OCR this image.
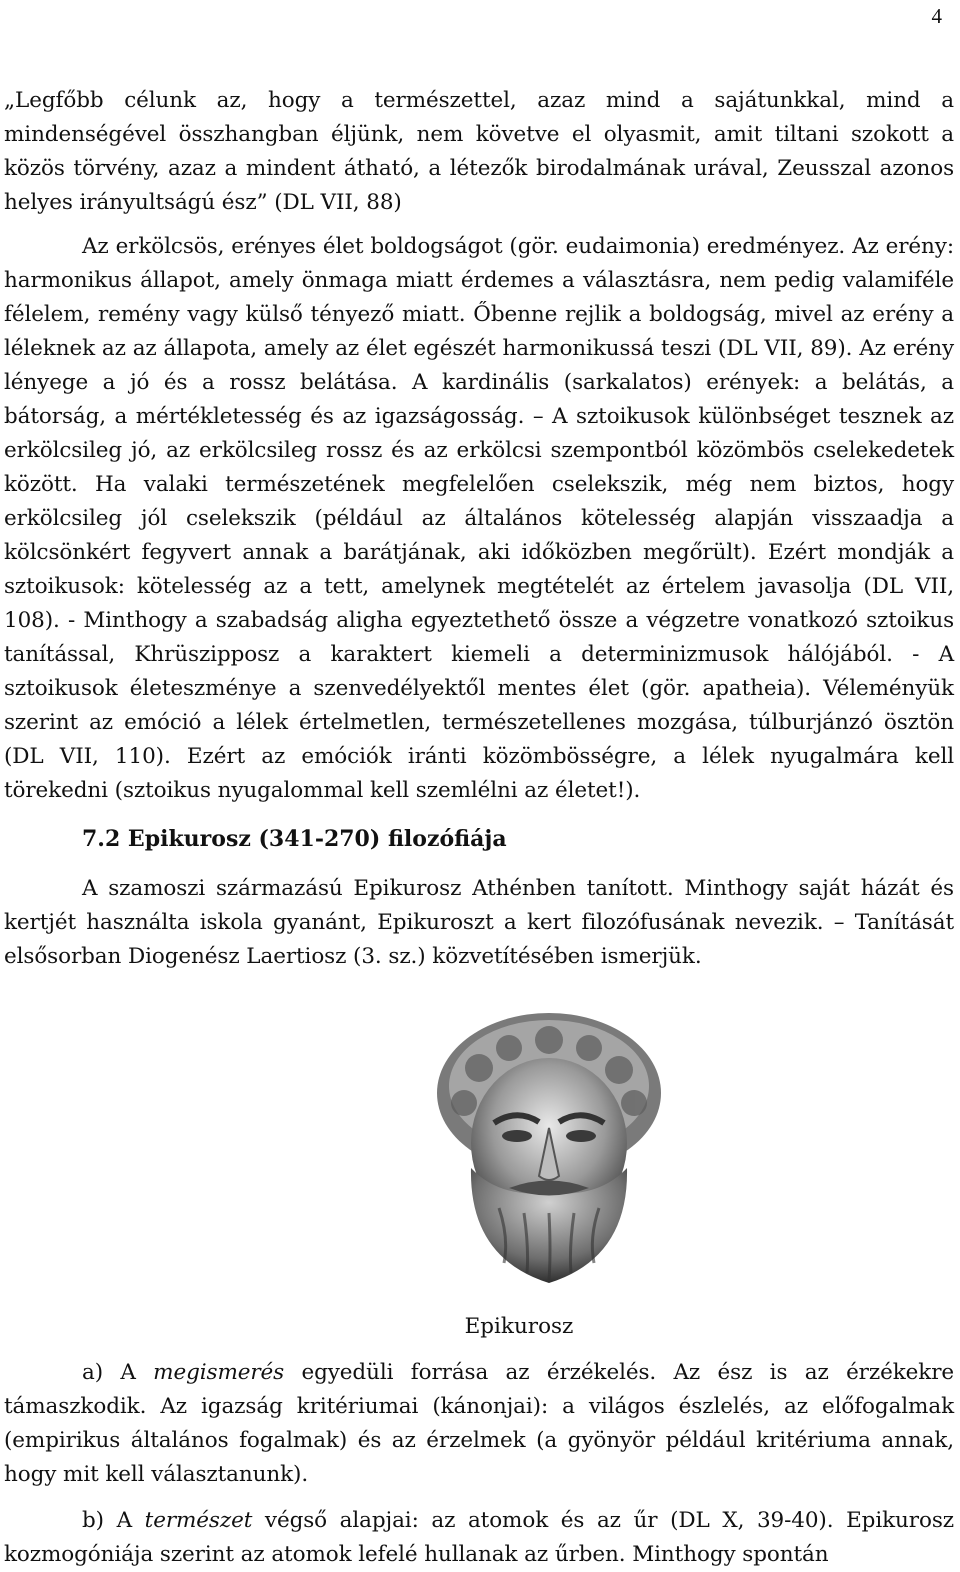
4

„Legfőbb célunk az, hogy a természettel, azaz mind a sajátunkkal, mind a mindenségével összhangban éljünk, nem követve el olyasmit, amit tiltani szokott a közös törvény, azaz a mindent átható, a létezők birodalmának urával, Zeusszal azonos helyes irányultságú ész” (DL VII, 88)

Az erkölcsös, erényes élet boldogságot (gör. eudaimonia) eredményez. Az erény: harmonikus állapot, amely önmaga miatt érdemes a választásra, nem pedig valamiféle félelem, remény vagy külső tényező miatt. Őbenne rejlik a boldogság, mivel az erény a léleknek az az állapota, amely az élet egészét harmonikussá teszi (DL VII, 89). Az erény lényege a jó és a rossz belátása. A kardinális (sarkalatos) erények: a belátás, a bátorság, a mértékletesség és az igazságosság. – A sztoikusok különbséget tesznek az erkölcsileg jó, az erkölcsileg rossz és az erkölcsi szempontból közömbös cselekedetek között. Ha valaki természetének megfelelően cselekszik, még nem biztos, hogy erkölcsileg jól cselekszik (például az általános kötelesség alapján visszaadja a kölcsönkért fegyvert annak a barátjának, aki időközben megőrült). Ezért mondják a sztoikusok: kötelesség az a tett, amelynek megtételét az értelem javasolja (DL VII, 108). - Minthogy a szabadság aligha egyeztethető össze a végzetre vonatkozó sztoikus tanítással, Khrüszipposz a karaktert kiemeli a determinizmusok hálójából. - A sztoikusok életeszménye a szenvedélyektől mentes élet (gör. apatheia). Véleményük szerint az emóció a lélek értelmetlen, természetellenes mozgása, túlburjánzó ösztön (DL VII, 110). Ezért az emóciók iránti közömbösségre, a lélek nyugalmára kell törekedni (sztoikus nyugalommal kell szemlélni az életet!).

7.2 Epikurosz (341-270) filozófiája

A szamoszi származású Epikurosz Athénben tanított. Minthogy saját házát és kertjét használta iskola gyanánt, Epikuroszt a kert filozófusának nevezik. – Tanítását elsősorban Diogenész Laertiosz (3. sz.) közvetítésében ismerjük.

Epikurosz

a) A megismerés egyedüli forrása az érzékelés. Az ész is az érzékekre támaszkodik. Az igazság kritériumai (kánonjai): a világos észlelés, az előfogalmak (empirikus általános fogalmak) és az érzelmek (a gyönyör például kritériuma annak, hogy mit kell választanunk).

b) A természet végső alapjai: az atomok és az űr (DL X, 39-40). Epikurosz kozmogóniája szerint az atomok lefelé hullanak az űrben. Minthogy spontán
